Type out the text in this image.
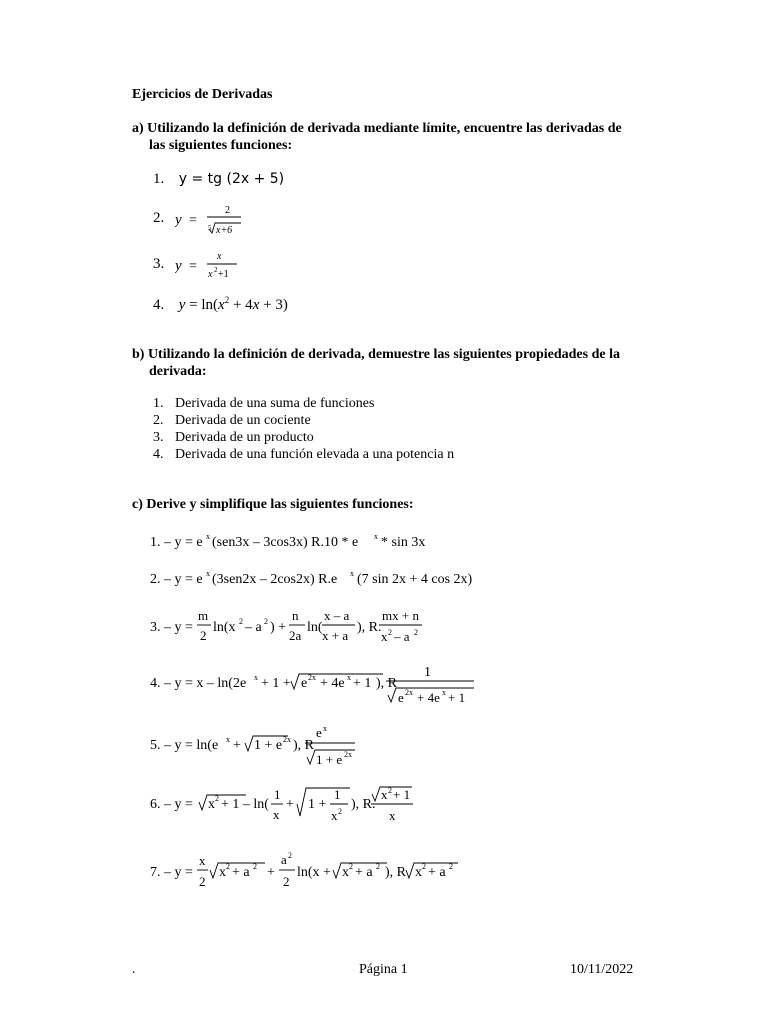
Ejercicios de Derivadas
a) Utilizando la definición de derivada mediante límite, encuentre las derivadas de
las siguientes funciones:
1. y = tg (2x + 5)
2. y =
2
5 x+6
3. y =
x
x 2 +1
4. $y = \ln(x^2 + 4x + 3)$
b) Utilizando la definición de derivada, demuestre las siguientes propiedades de la
derivada:
1. Derivada de una suma de funciones
2. Derivada de un cociente
3. Derivada de un producto
4. Derivada de una función elevada a una potencia n
c) Derive y simplifique las siguientes funciones:
1. – y = e x (sen3x – 3cos3x) R.10 * e x * sin 3x
2. – y = e x (3sen2x – 2cos2x) R.e x (7 sin 2x + 4 cos 2x)
3. – y =
m
2
ln(x 2 – a 2 ) +
n
2a
ln(
x – a
x + a
), R.
mx + n
x 2 – a 2
4. – y = x – ln(2e x + 1 + e 2x + 4e x + 1 ), R
1
e 2x + 4e x + 1
5. – y = ln(e x + 1 + e 2x ), R
e x
1 + e 2x
6. – y = x 2 + 1 – ln(
1
x
+ 1 +
1
x 2 ), R.
x 2 + 1
x
7. – y =
x
2
x 2 + a 2 +
a 2
2
ln(x + x 2 + a 2 ), R x 2 + a 2
.	Página 1	10/11/2022
